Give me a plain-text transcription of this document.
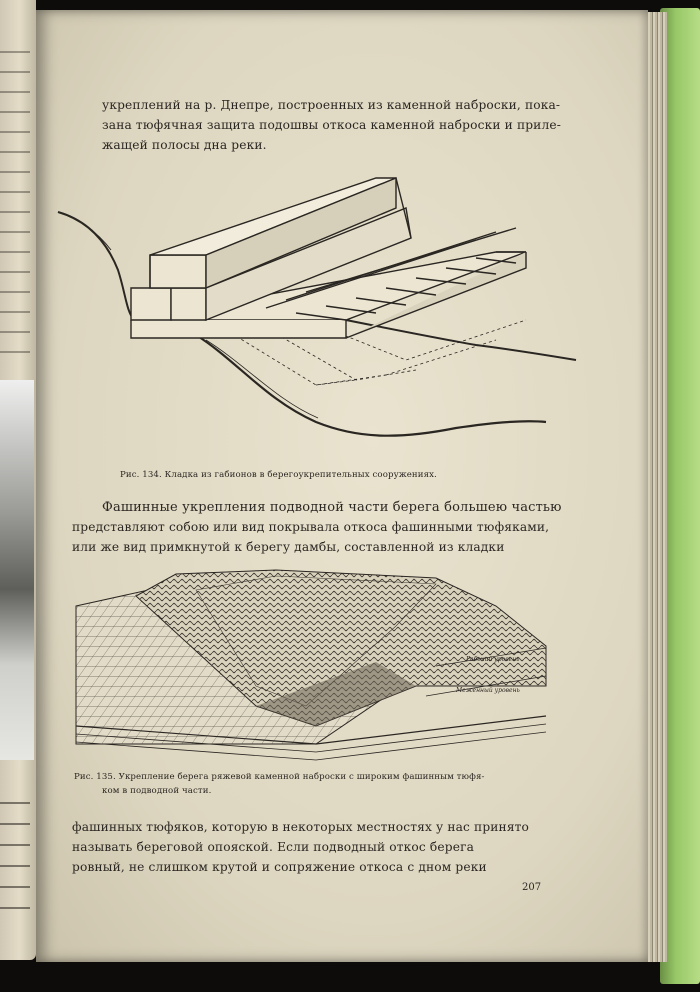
укреплений на р. Днепре, построенных из каменной наброски, пока-
зана тюфячная защита подошвы откоса каменной наброски и приле-
жащей полосы дна реки.
Рис. 134. Кладка из габионов в берегоукрепительных сооружениях.
Фашинные укрепления подводной части берега большею частью
представляют собою или вид покрывала откоса фашинными тюфяками,
или же вид примкнутой к берегу дамбы, составленной из кладки
Рабочий уровень
Меженный уровень
Рис. 135. Укрепление берега ряжевой каменной наброски с широким фашинным тюфя-
ком в подводной части.
фашинных тюфяков, которую в некоторых местностях у нас принято
называть береговой опояской. Если подводный откос берега
ровный, не слишком крутой и сопряжение откоса с дном реки
207
